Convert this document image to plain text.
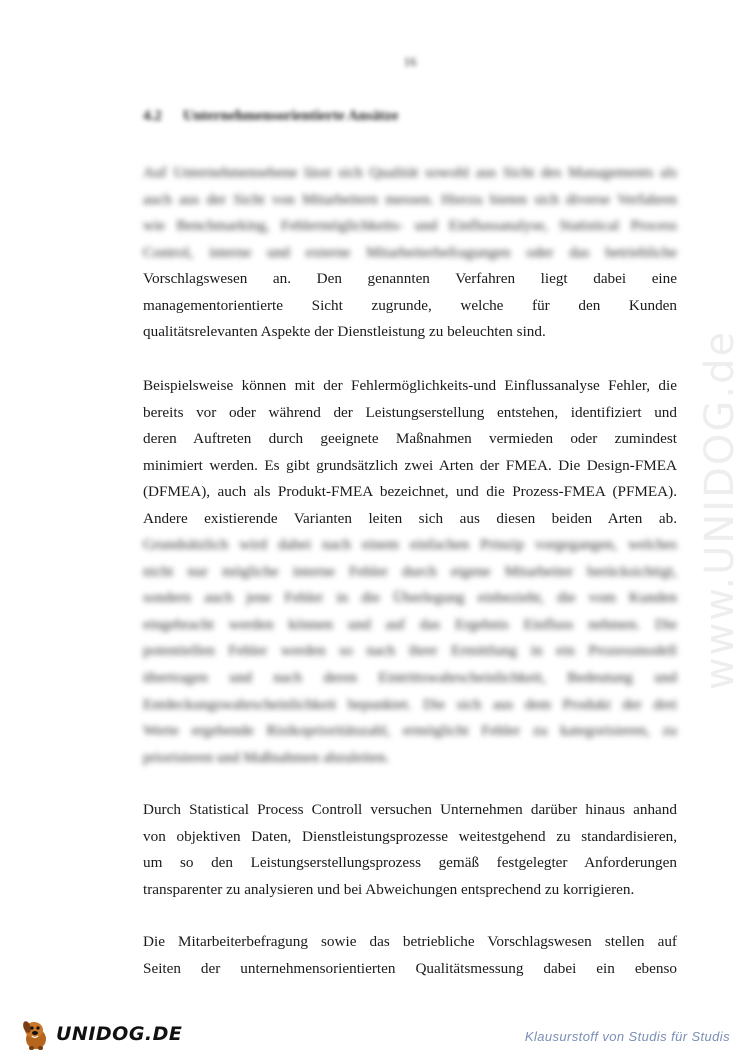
16
4.2 Unternehmensorientierte Ansätze
Auf Unternehmensebene lässt sich Qualität sowohl aus Sicht des Managements als
auch aus der Sicht von Mitarbeitern messen. Hierzu bieten sich diverse Verfahren
wie Benchmarking, Fehlermöglichkeits- und Einflussanalyse, Statistical Process
Control, interne und externe Mitarbeiterbefragungen oder das betriebliche
Vorschlagswesen an. Den genannten Verfahren liegt dabei eine
managementorientierte Sicht zugrunde, welche für den Kunden
qualitätsrelevanten Aspekte der Dienstleistung zu beleuchten sind.
Beispielsweise können mit der Fehlermöglichkeits-und Einflussanalyse Fehler, die
bereits vor oder während der Leistungserstellung entstehen, identifiziert und
deren Auftreten durch geeignete Maßnahmen vermieden oder zumindest
minimiert werden. Es gibt grundsätzlich zwei Arten der FMEA. Die Design-FMEA
(DFMEA), auch als Produkt-FMEA bezeichnet, und die Prozess-FMEA (PFMEA).
Andere existierende Varianten leiten sich aus diesen beiden Arten ab.
Grundsätzlich wird dabei nach einem einfachen Prinzip vorgegangen, welches
nicht nur mögliche interne Fehler durch eigene Mitarbeiter berücksichtigt,
sondern auch jene Fehler in die Überlegung einbezieht, die vom Kunden
eingebracht werden können und auf das Ergebnis Einfluss nehmen. Die
potentiellen Fehler werden so nach ihrer Ermittlung in ein Prozessmodell
übertragen und nach deren Eintrittswahrscheinlichkeit, Bedeutung und
Entdeckungswahrscheinlichkeit bepunktet. Die sich aus dem Produkt der drei
Werte ergebende Risikoprioritätszahl, ermöglicht Fehler zu kategorisieren, zu
priorisieren und Maßnahmen abzuleiten.
Durch Statistical Process Controll versuchen Unternehmen darüber hinaus anhand
von objektiven Daten, Dienstleistungsprozesse weitestgehend zu standardisieren,
um so den Leistungserstellungsprozess gemäß festgelegter Anforderungen
transparenter zu analysieren und bei Abweichungen entsprechend zu korrigieren.
Die Mitarbeiterbefragung sowie das betriebliche Vorschlagswesen stellen auf
Seiten der unternehmensorientierten Qualitätsmessung dabei ein ebenso
www.UNIDOG.de
UNIDOG.DE	Klausurstoff von Studis für Studis
